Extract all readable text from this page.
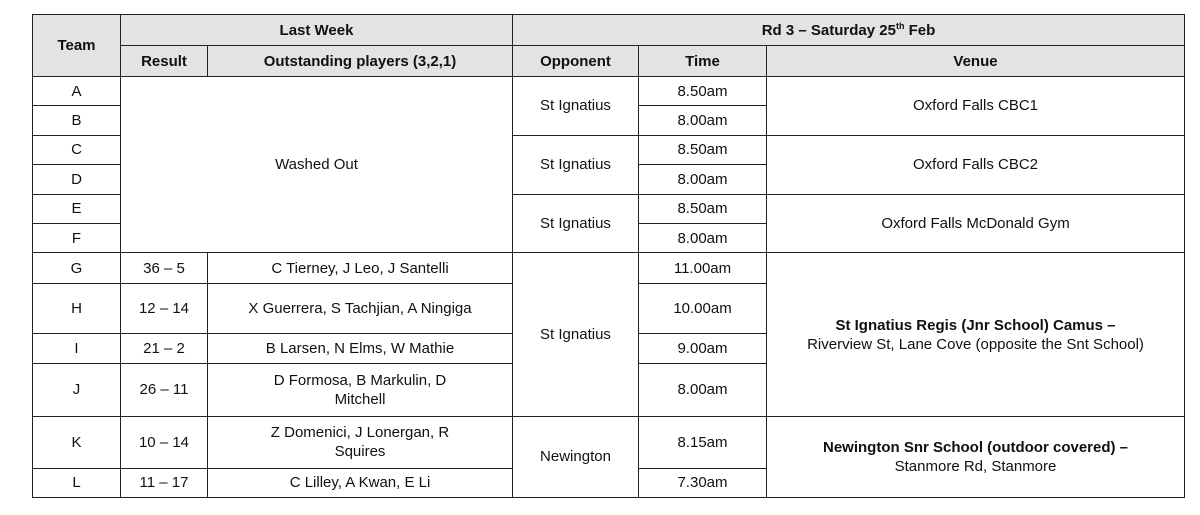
Team	Last Week		Rd 3 – Saturday 25th Feb		
	Result	Outstanding players (3,2,1)	Opponent	Time	Venue
A	Washed Out		St Ignatius	8.50am	Oxford Falls CBC1
B				8.00am	
C			St Ignatius	8.50am	Oxford Falls CBC2
D				8.00am	
E			St Ignatius	8.50am	Oxford Falls McDonald Gym
F				8.00am	
G	36 – 5	C Tierney, J Leo, J Santelli	St Ignatius	11.00am	St Ignatius Regis (Jnr School) Camus –
Riverview St, Lane Cove (opposite the Snt School)

H	12 – 14	X Guerrera, S Tachjian, A Ningiga		10.00am	
I	21 – 2	B Larsen, N Elms, W Mathie		9.00am	
J	26 – 11	D Formosa, B Markulin, D Mitchell		8.00am	
K	10 – 14	Z Domenici, J Lonergan, R Squires	Newington	8.15am	Newington Snr School (outdoor covered) –
Stanmore Rd, Stanmore

L	11 – 17	C Lilley, A Kwan, E Li		7.30am	
